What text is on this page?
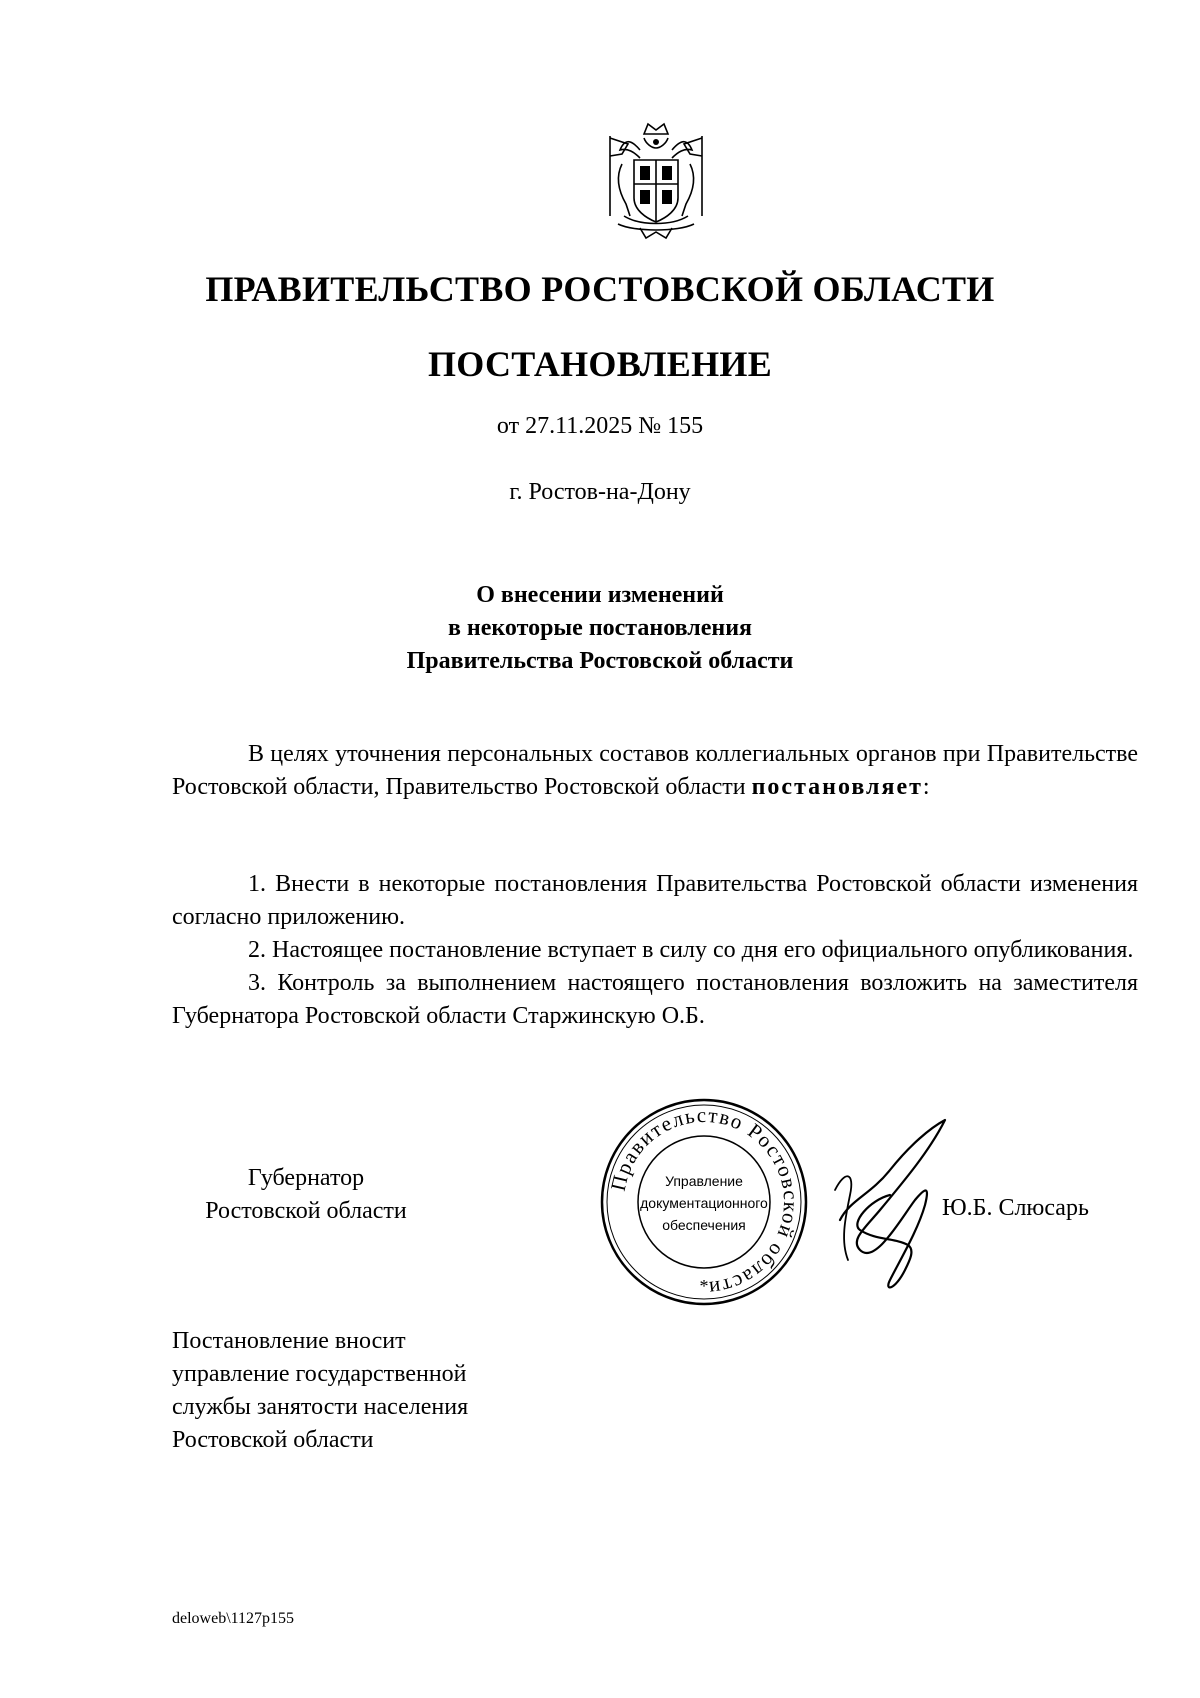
ПРАВИТЕЛЬСТВО РОСТОВСКОЙ ОБЛАСТИ
ПОСТАНОВЛЕНИЕ
от 27.11.2025 № 155
г. Ростов-на-Дону
О внесении изменений
в некоторые постановления
Правительства Ростовской области

В целях уточнения персональных составов коллегиальных органов при Правительстве Ростовской области, Правительство Ростовской области постановляет:

1. Внести в некоторые постановления Правительства Ростовской области изменения согласно приложению.

2. Настоящее постановление вступает в силу со дня его официального опубликования.

3. Контроль за выполнением настоящего постановления возложить на заместителя Губернатора Ростовской области Старжинскую О.Б.

Губернатор
Ростовской области
Правительство Ростовской области
Управление
документационного
обеспечения
*
Ю.Б. Слюсарь
Постановление вносит
управление государственной
службы занятости населения
Ростовской области
deloweb\1127p155
